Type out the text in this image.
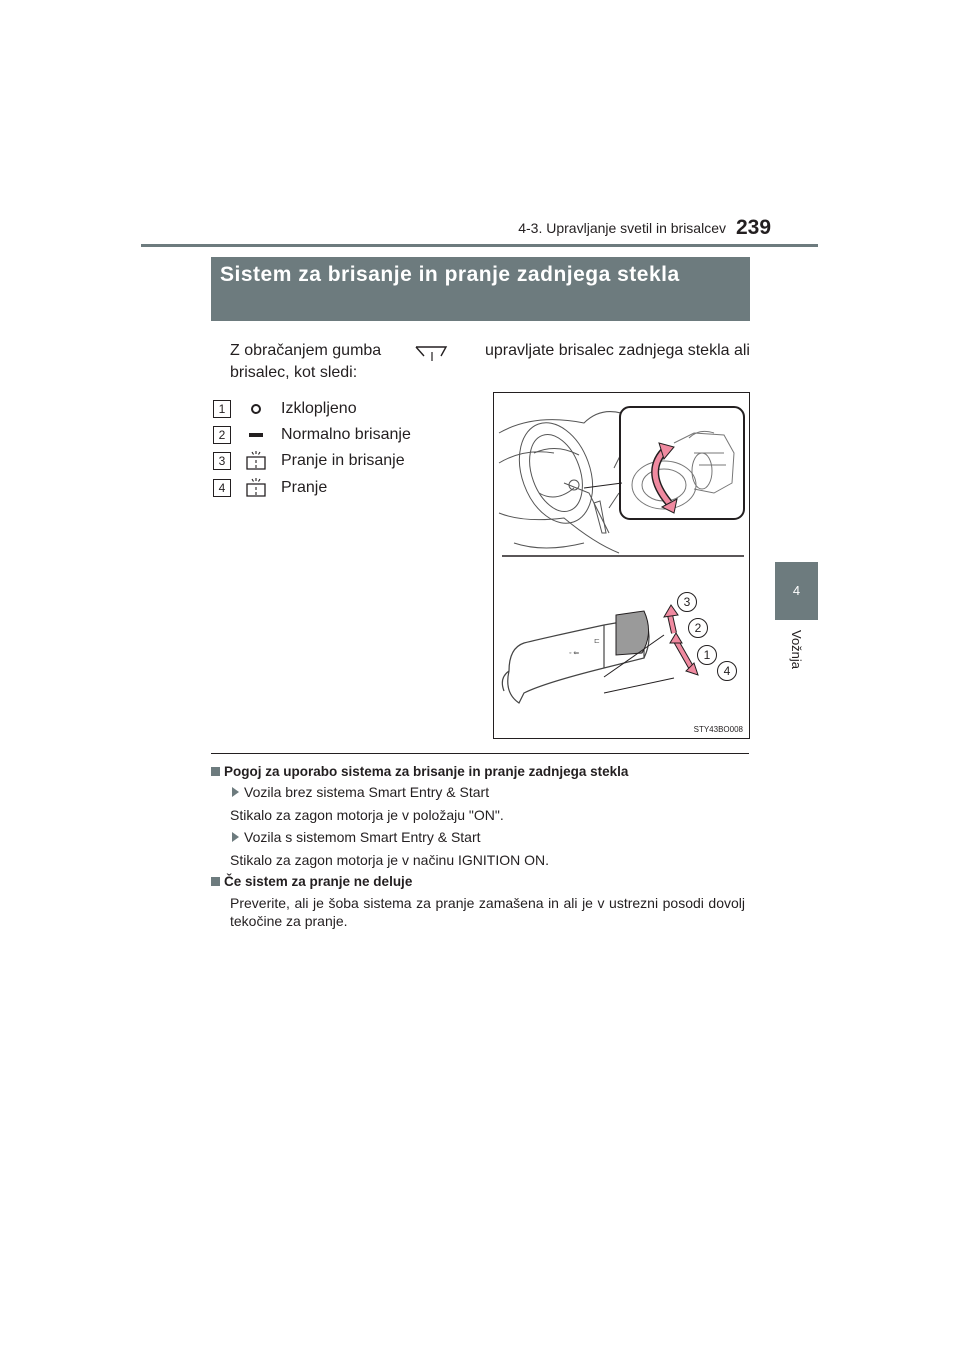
4-3. Upravljanje svetil in brisalcev 239
4
Vožnja
Sistem za brisanje in pranje zadnjega stekla
Z obračanjem gumba	upravljate brisalec zadnjega stekla ali
brisalec, kot sledi:
1	Izklopljeno
2	Normalno brisanje
3	Pranje in brisanje
4	Pranje
◦ ⇐
⊏
3
2
1
4
STY43BO008
Pogoj za uporabo sistema za brisanje in pranje zadnjega stekla
Vozila brez sistema Smart Entry & Start
Stikalo za zagon motorja je v položaju "ON".
Vozila s sistemom Smart Entry & Start
Stikalo za zagon motorja je v načinu IGNITION ON.
Če sistem za pranje ne deluje
Preverite, ali je šoba sistema za pranje zamašena in ali je v ustrezni posodi dovolj tekočine za pranje.
